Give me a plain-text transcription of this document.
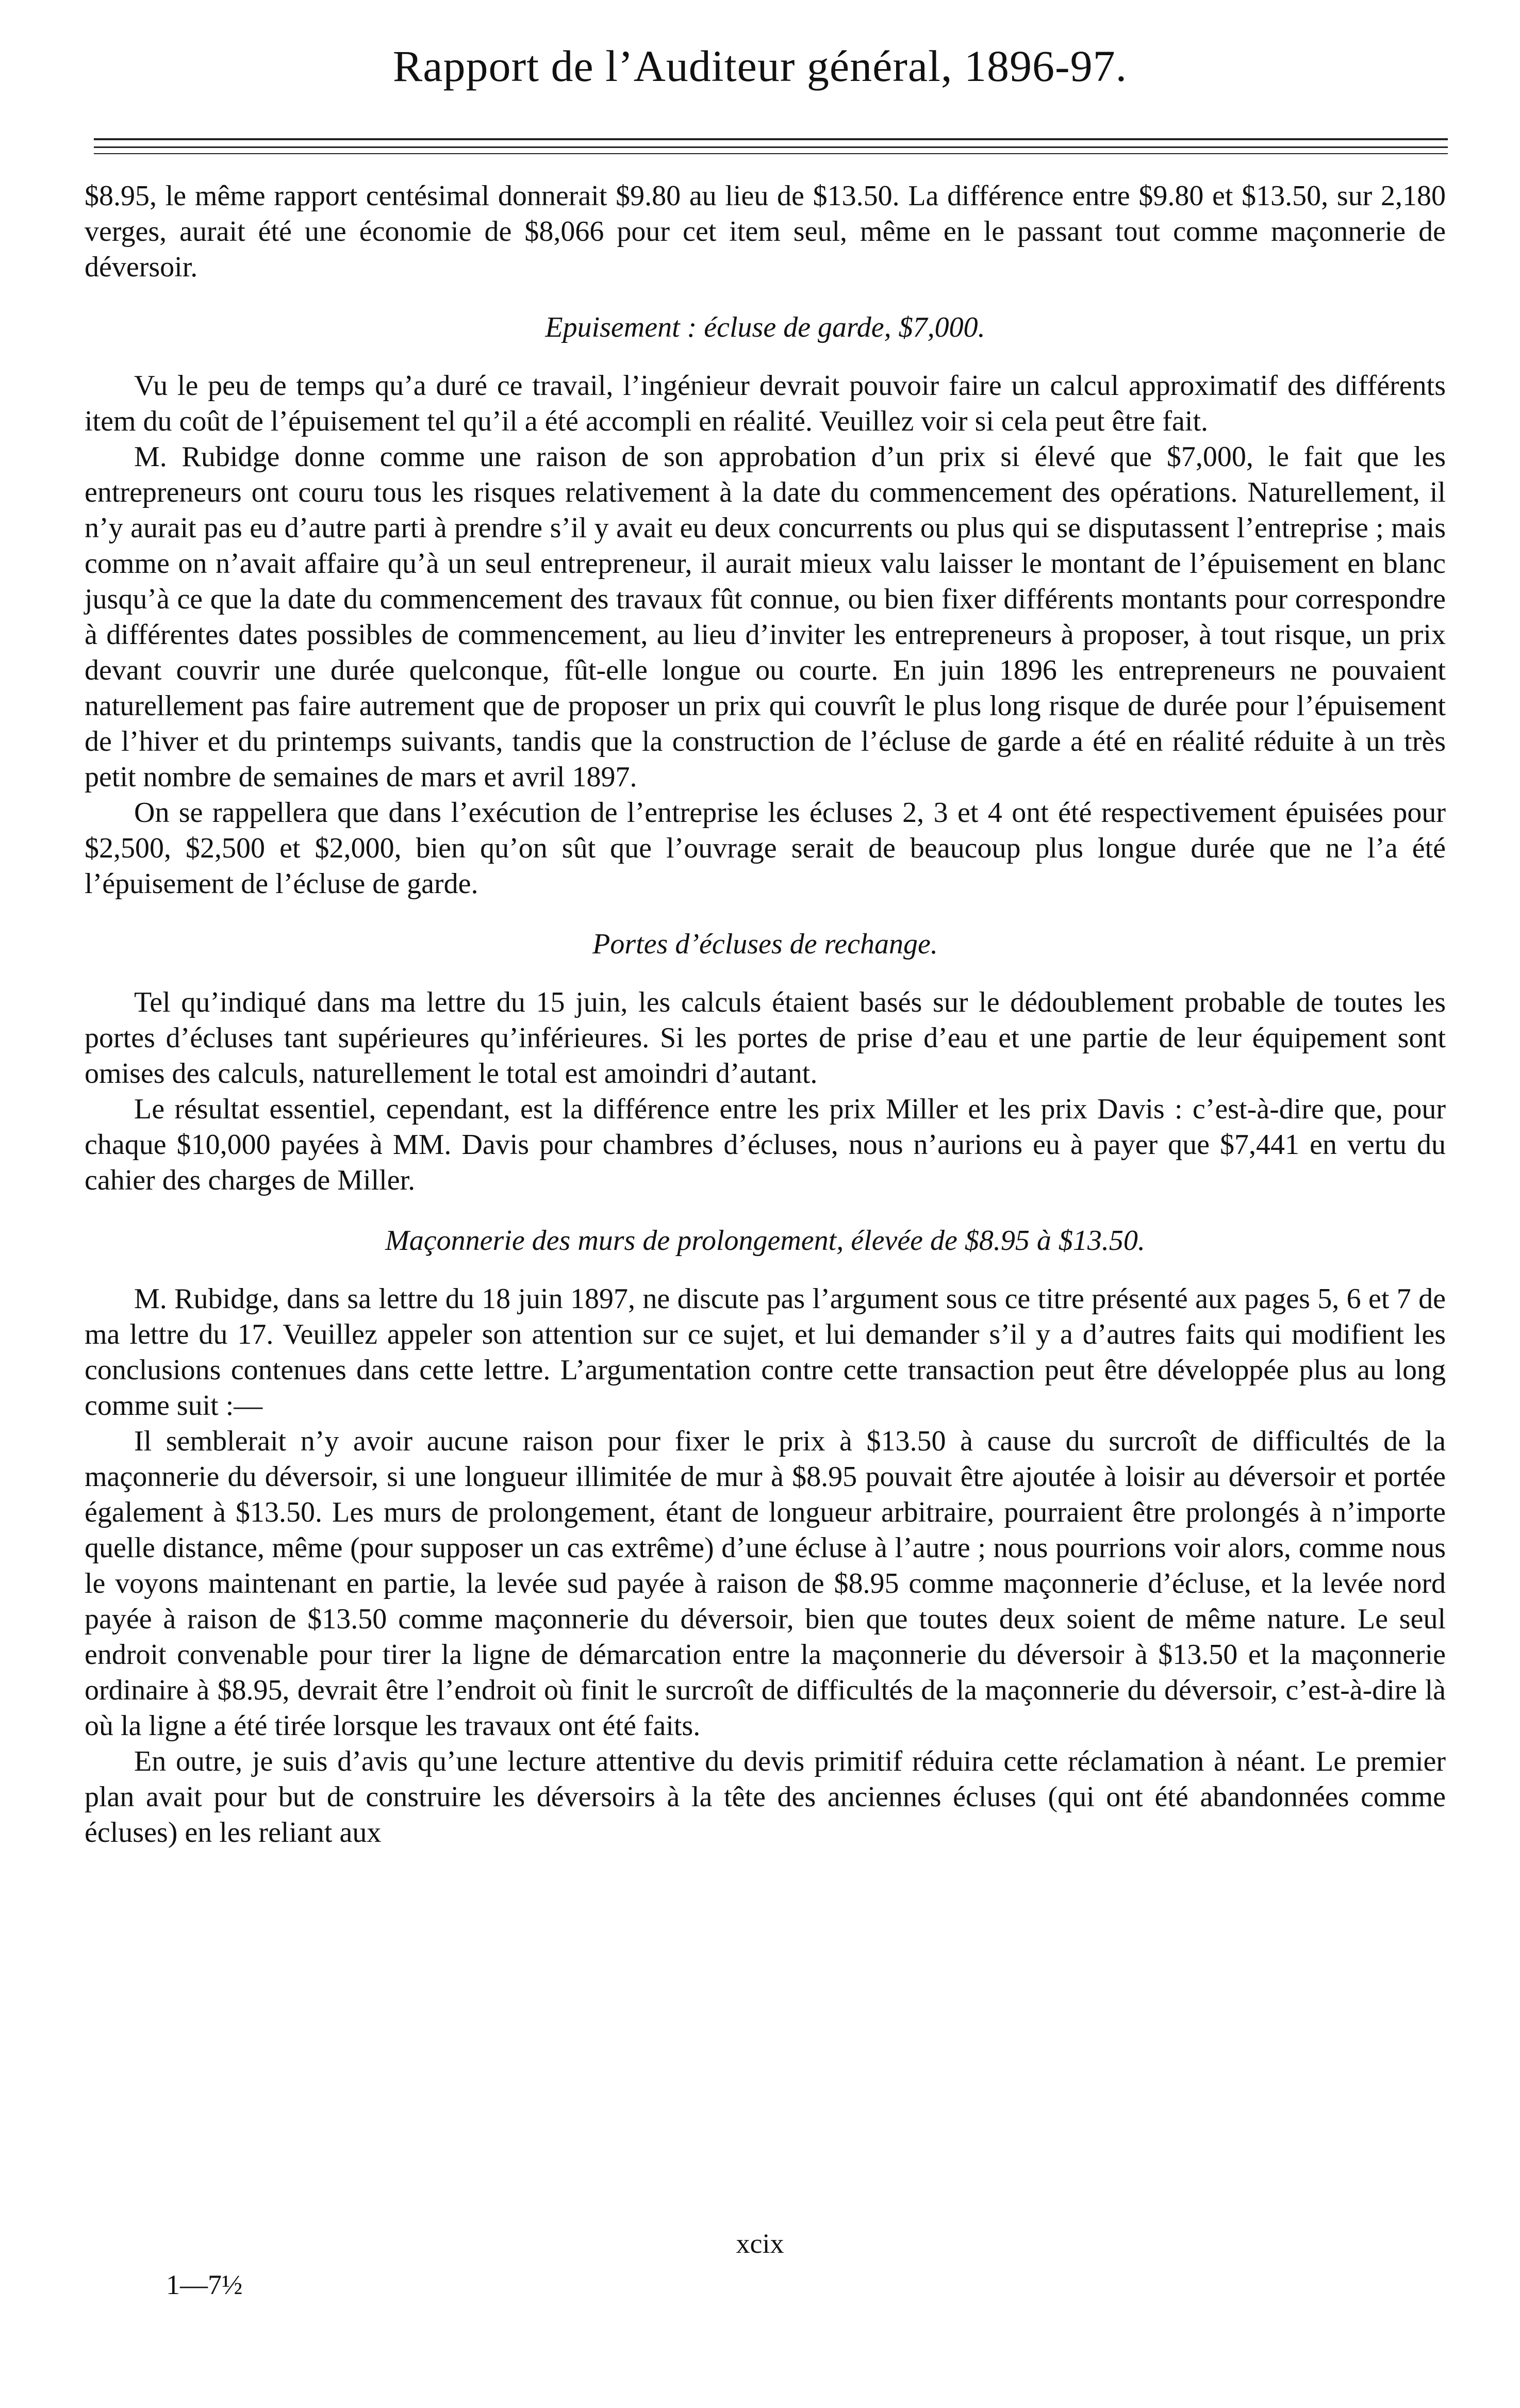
Rapport de l’Auditeur général, 1896-97.

$8.95, le même rapport centésimal donnerait $9.80 au lieu de $13.50. La différence entre $9.80 et $13.50, sur 2,180 verges, aurait été une économie de $8,066 pour cet item seul, même en le passant tout comme maçonnerie de déversoir.

Epuisement : écluse de garde, $7,000.

Vu le peu de temps qu’a duré ce travail, l’ingénieur devrait pouvoir faire un calcul approximatif des différents item du coût de l’épuisement tel qu’il a été accompli en réalité. Veuillez voir si cela peut être fait.

M. Rubidge donne comme une raison de son approbation d’un prix si élevé que $7,000, le fait que les entrepreneurs ont couru tous les risques relativement à la date du commencement des opérations. Naturellement, il n’y aurait pas eu d’autre parti à prendre s’il y avait eu deux concurrents ou plus qui se disputassent l’entreprise ; mais comme on n’avait affaire qu’à un seul entrepreneur, il aurait mieux valu laisser le montant de l’épuisement en blanc jusqu’à ce que la date du commencement des travaux fût connue, ou bien fixer différents montants pour correspondre à différentes dates possibles de commencement, au lieu d’inviter les entrepreneurs à proposer, à tout risque, un prix devant couvrir une durée quelconque, fût-elle longue ou courte. En juin 1896 les entrepreneurs ne pouvaient naturellement pas faire autrement que de proposer un prix qui couvrît le plus long risque de durée pour l’épuisement de l’hiver et du printemps suivants, tandis que la construction de l’écluse de garde a été en réalité réduite à un très petit nombre de semaines de mars et avril 1897.

On se rappellera que dans l’exécution de l’entreprise les écluses 2, 3 et 4 ont été respectivement épuisées pour $2,500, $2,500 et $2,000, bien qu’on sût que l’ouvrage serait de beaucoup plus longue durée que ne l’a été l’épuisement de l’écluse de garde.

Portes d’écluses de rechange.

Tel qu’indiqué dans ma lettre du 15 juin, les calculs étaient basés sur le dédoublement probable de toutes les portes d’écluses tant supérieures qu’inférieures. Si les portes de prise d’eau et une partie de leur équipement sont omises des calculs, naturellement le total est amoindri d’autant.

Le résultat essentiel, cependant, est la différence entre les prix Miller et les prix Davis : c’est-à-dire que, pour chaque $10,000 payées à MM. Davis pour chambres d’écluses, nous n’aurions eu à payer que $7,441 en vertu du cahier des charges de Miller.

Maçonnerie des murs de prolongement, élevée de $8.95 à $13.50.

M. Rubidge, dans sa lettre du 18 juin 1897, ne discute pas l’argument sous ce titre présenté aux pages 5, 6 et 7 de ma lettre du 17. Veuillez appeler son attention sur ce sujet, et lui demander s’il y a d’autres faits qui modifient les conclusions contenues dans cette lettre. L’argumentation contre cette transaction peut être développée plus au long comme suit :—

Il semblerait n’y avoir aucune raison pour fixer le prix à $13.50 à cause du surcroît de difficultés de la maçonnerie du déversoir, si une longueur illimitée de mur à $8.95 pouvait être ajoutée à loisir au déversoir et portée également à $13.50. Les murs de prolongement, étant de longueur arbitraire, pourraient être prolongés à n’importe quelle distance, même (pour supposer un cas extrême) d’une écluse à l’autre ; nous pourrions voir alors, comme nous le voyons maintenant en partie, la levée sud payée à raison de $8.95 comme maçonnerie d’écluse, et la levée nord payée à raison de $13.50 comme maçonnerie du déversoir, bien que toutes deux soient de même nature. Le seul endroit convenable pour tirer la ligne de démarcation entre la maçonnerie du déversoir à $13.50 et la maçonnerie ordinaire à $8.95, devrait être l’endroit où finit le surcroît de difficultés de la maçonnerie du déversoir, c’est-à-dire là où la ligne a été tirée lorsque les travaux ont été faits.

En outre, je suis d’avis qu’une lecture attentive du devis primitif réduira cette réclamation à néant. Le premier plan avait pour but de construire les déversoirs à la tête des anciennes écluses (qui ont été abandonnées comme écluses) en les reliant aux

xcix
1—7½
